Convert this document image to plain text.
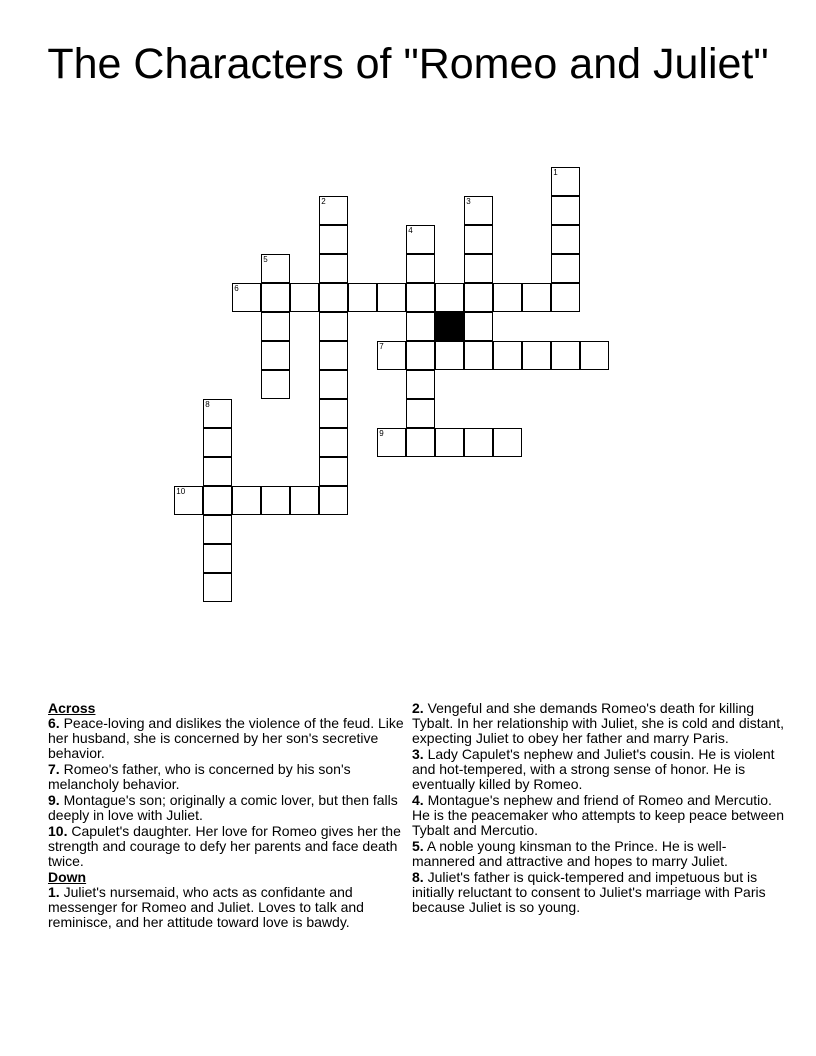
The Characters of "Romeo and Juliet"
1
2	3
4
5
6
7
8
9
10
Across
6. Peace-loving and dislikes the violence of the feud. Like her husband, she is concerned by her son's secretive behavior.
7. Romeo's father, who is concerned by his son's melancholy behavior.
9. Montague's son; originally a comic lover, but then falls deeply in love with Juliet.
10. Capulet's daughter. Her love for Romeo gives her the strength and courage to defy her parents and face death twice.
Down
1. Juliet's nursemaid, who acts as confidante and messenger for Romeo and Juliet. Loves to talk and reminisce, and her attitude toward love is bawdy.
2. Vengeful and she demands Romeo's death for killing Tybalt. In her relationship with Juliet, she is cold and distant, expecting Juliet to obey her father and marry Paris.
3. Lady Capulet's nephew and Juliet's cousin. He is violent and hot-tempered, with a strong sense of honor. He is eventually killed by Romeo.
4. Montague's nephew and friend of Romeo and Mercutio. He is the peacemaker who attempts to keep peace between Tybalt and Mercutio.
5. A noble young kinsman to the Prince. He is well-mannered and attractive and hopes to marry Juliet.
8. Juliet's father is quick-tempered and impetuous but is initially reluctant to consent to Juliet's marriage with Paris because Juliet is so young.
